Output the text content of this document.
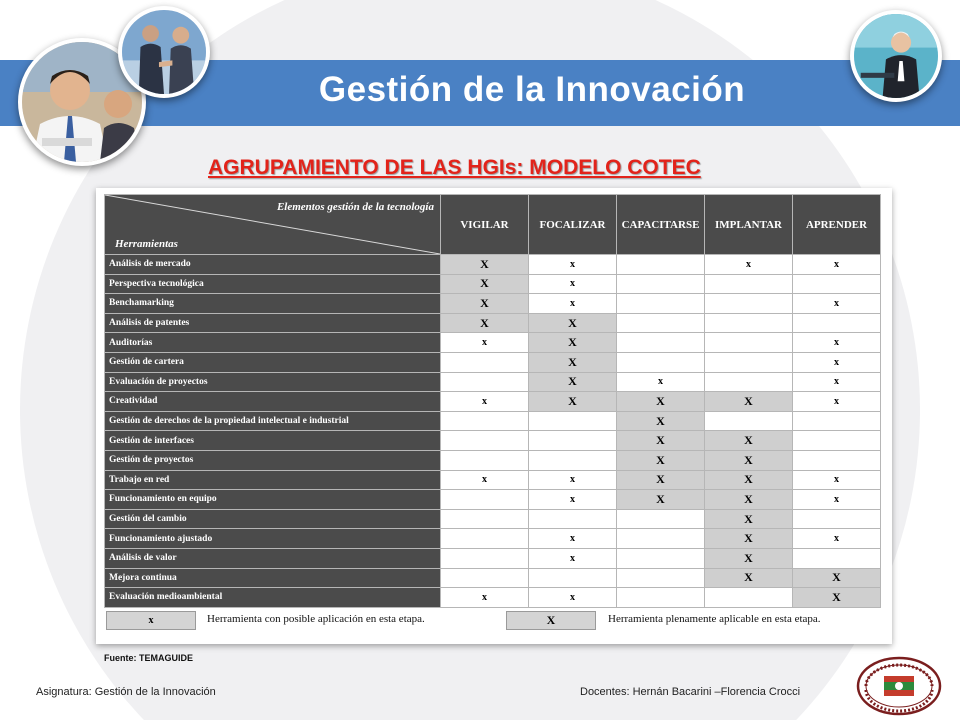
Gestión de la Innovación
AGRUPAMIENTO DE LAS HGIs: MODELO COTEC
Elementos gestión de la tecnología
Herramientas	VIGILAR	FOCALIZAR	CAPACITARSE	IMPLANTAR	APRENDER
Análisis de mercado	X	x		x	x
Perspectiva tecnológica	X	x			
Benchamarking	X	x			x
Análisis de patentes	X	X			
Auditorías	x	X			x
Gestión de cartera		X			x
Evaluación de proyectos		X	x		x
Creatividad	x	X	X	X	x
Gestión de derechos de la propiedad intelectual e industrial			X		
Gestión de interfaces			X	X	
Gestión de proyectos			X	X	
Trabajo en red	x	x	X	X	x
Funcionamiento en equipo		x	X	X	x
Gestión del cambio				X	
Funcionamiento ajustado		x		X	x
Análisis de valor		x		X	
Mejora continua				X	X
Evaluación medioambiental	x	x			X
x	Herramienta con posible aplicación en esta etapa.	X	Herramienta plenamente aplicable en esta etapa.
Fuente: TEMAGUIDE
Asignatura: Gestión de la Innovación	Docentes: Hernán Bacarini –Florencia Crocci
